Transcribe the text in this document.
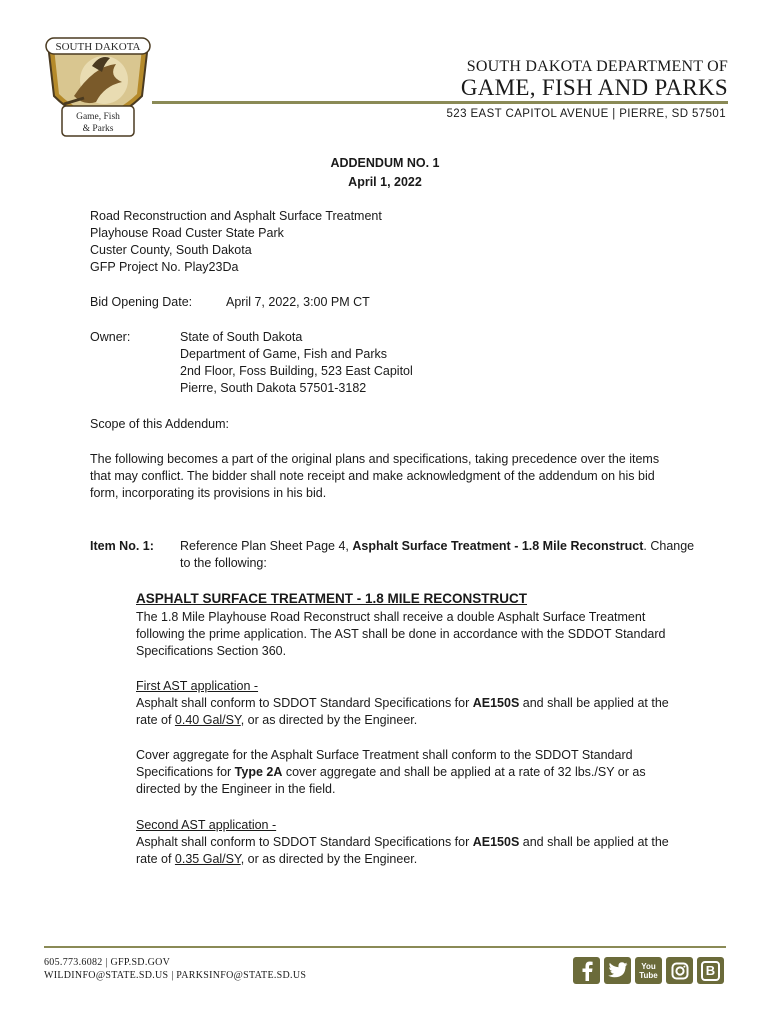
SOUTH DAKOTA
Game, Fish
& Parks
SOUTH DAKOTA DEPARTMENT OF
GAME, FISH AND PARKS
523 EAST CAPITOL AVENUE | PIERRE, SD 57501
ADDENDUM NO. 1
April 1, 2022
Road Reconstruction and Asphalt Surface Treatment
Playhouse Road Custer State Park
Custer County, South Dakota
GFP Project No. Play23Da
Bid Opening Date:	April 7, 2022, 3:00 PM CT
Owner:	State of South Dakota
Department of Game, Fish and Parks
2nd Floor, Foss Building, 523 East Capitol
Pierre, South Dakota 57501-3182
Scope of this Addendum:
The following becomes a part of the original plans and specifications, taking precedence over the items
that may conflict. The bidder shall note receipt and make acknowledgment of the addendum on his bid
form, incorporating its provisions in his bid.
Item No. 1: Reference Plan Sheet Page 4, Asphalt Surface Treatment - 1.8 Mile Reconstruct. Change
to the following:
ASPHALT SURFACE TREATMENT - 1.8 MILE RECONSTRUCT
The 1.8 Mile Playhouse Road Reconstruct shall receive a double Asphalt Surface Treatment
following the prime application. The AST shall be done in accordance with the SDDOT Standard
Specifications Section 360.
First AST application -
Asphalt shall conform to SDDOT Standard Specifications for AE150S and shall be applied at the
rate of 0.40 Gal/SY, or as directed by the Engineer.
Cover aggregate for the Asphalt Surface Treatment shall conform to the SDDOT Standard
Specifications for Type 2A cover aggregate and shall be applied at a rate of 32 lbs./SY or as
directed by the Engineer in the field.
Second AST application -
Asphalt shall conform to SDDOT Standard Specifications for AE150S and shall be applied at the
rate of 0.35 Gal/SY, or as directed by the Engineer.
605.773.6082 | GFP.SD.GOV
WILDINFO@STATE.SD.US | PARKSINFO@STATE.SD.US
You
Tube	B
